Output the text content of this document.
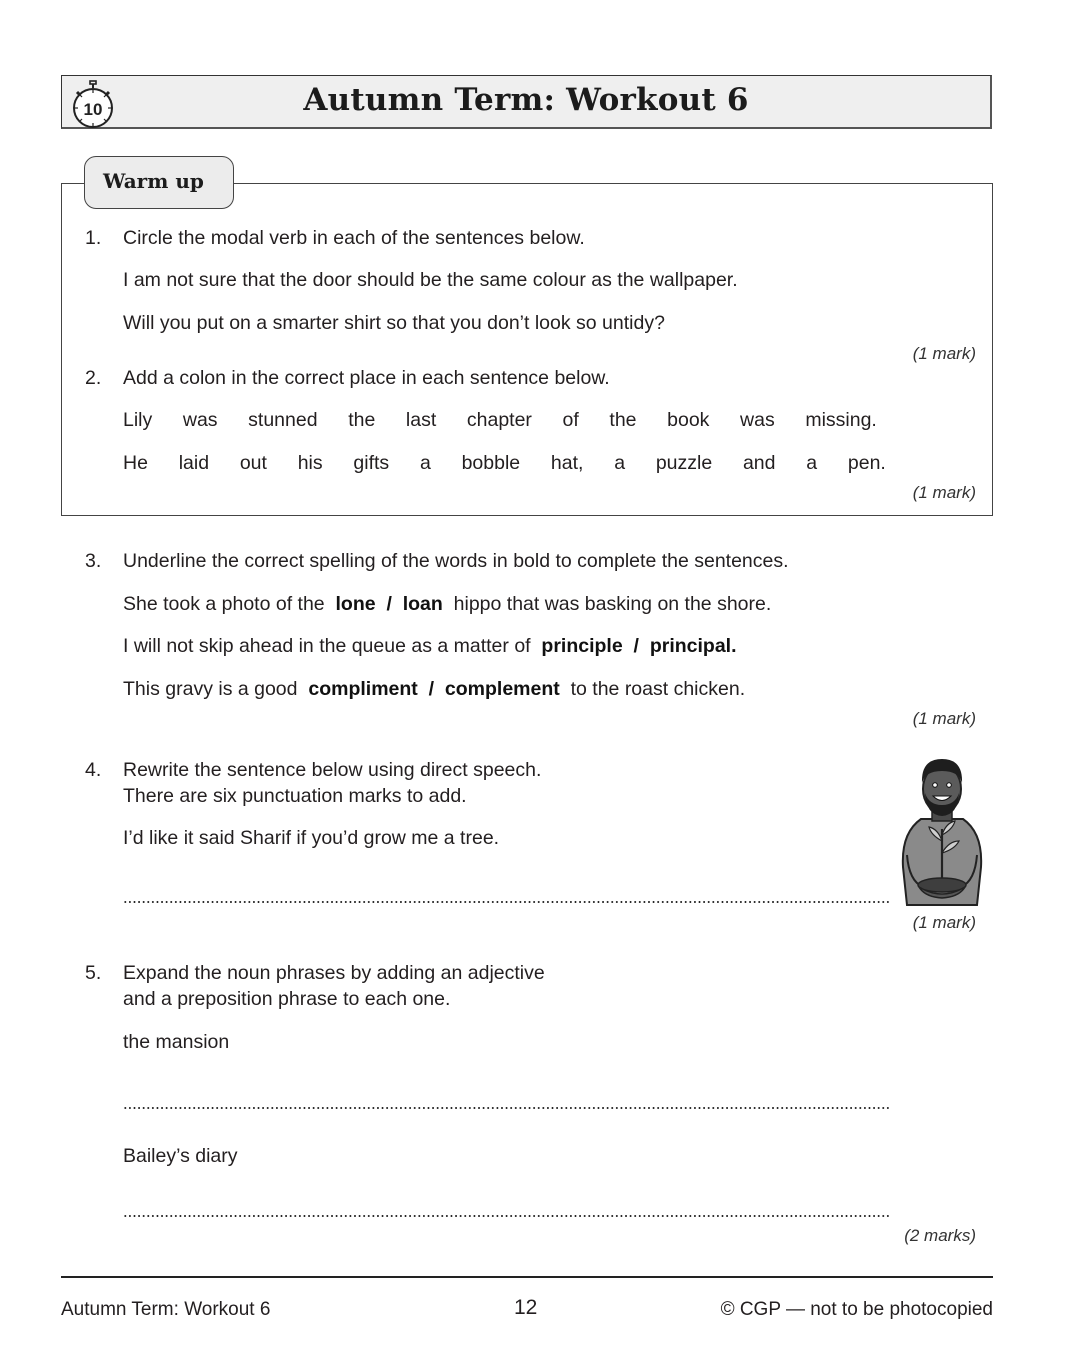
10	Autumn Term: Workout 6
Warm up
1. Circle the modal verb in each of the sentences below.
I am not sure that the door should be the same colour as the wallpaper.
Will you put on a smarter shirt so that you don’t look so untidy?
(1 mark)
2. Add a colon in the correct place in each sentence below.
Lily was stunned the last chapter of the book was missing.
He laid out his gifts a bobble hat, a puzzle and a pen.
(1 mark)
3. Underline the correct spelling of the words in bold to complete the sentences.
She took a photo of the lone / loan hippo that was basking on the shore.
I will not skip ahead in the queue as a matter of principle / principal.
This gravy is a good compliment / complement to the roast chicken.
(1 mark)
4. Rewrite the sentence below using direct speech.
There are six punctuation marks to add.
I’d like it said Sharif if you’d grow me a tree.
(1 mark)
5. Expand the noun phrases by adding an adjective
and a preposition phrase to each one.
the mansion
Bailey’s diary
(2 marks)
Autumn Term: Workout 6	12	© CGP — not to be photocopied
